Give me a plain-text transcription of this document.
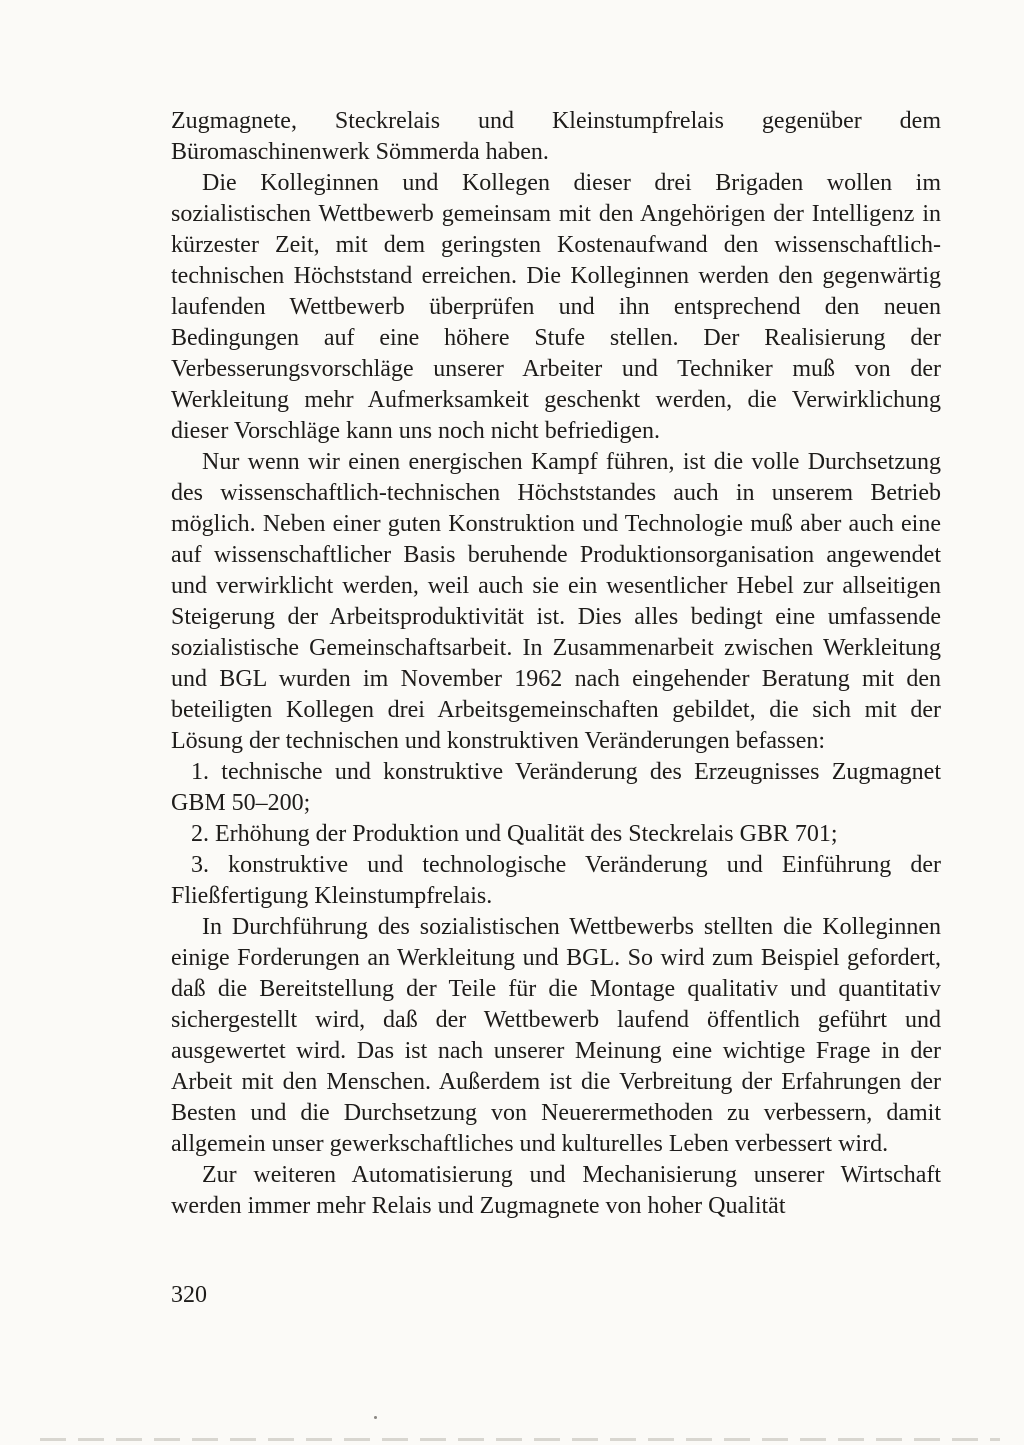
Zugmagnete, Steckrelais und Kleinstumpfrelais gegenüber dem Büromaschinenwerk Sömmerda haben.

Die Kolleginnen und Kollegen dieser drei Brigaden wollen im sozialistischen Wettbewerb gemeinsam mit den Angehörigen der Intelligenz in kürzester Zeit, mit dem geringsten Kostenaufwand den wissenschaftlich-technischen Höchststand erreichen. Die Kolleginnen werden den gegenwärtig laufenden Wettbewerb überprüfen und ihn entsprechend den neuen Bedingungen auf eine höhere Stufe stellen. Der Realisierung der Verbesserungsvorschläge unserer Arbeiter und Techniker muß von der Werkleitung mehr Aufmerksamkeit geschenkt werden, die Verwirklichung dieser Vorschläge kann uns noch nicht befriedigen.

Nur wenn wir einen energischen Kampf führen, ist die volle Durchsetzung des wissenschaftlich-technischen Höchststandes auch in unserem Betrieb möglich. Neben einer guten Konstruktion und Technologie muß aber auch eine auf wissenschaftlicher Basis beruhende Produktionsorganisation angewendet und verwirklicht werden, weil auch sie ein wesentlicher Hebel zur allseitigen Steigerung der Arbeitsproduktivität ist. Dies alles bedingt eine umfassende sozialistische Gemeinschaftsarbeit. In Zusammenarbeit zwischen Werkleitung und BGL wurden im November 1962 nach eingehender Beratung mit den beteiligten Kollegen drei Arbeitsgemeinschaften gebildet, die sich mit der Lösung der technischen und konstruktiven Veränderungen befassen:

1. technische und konstruktive Veränderung des Erzeugnisses Zugmagnet GBM 50–200;

2. Erhöhung der Produktion und Qualität des Steckrelais GBR 701;

3. konstruktive und technologische Veränderung und Einführung der Fließfertigung Kleinstumpfrelais.

In Durchführung des sozialistischen Wettbewerbs stellten die Kolleginnen einige Forderungen an Werkleitung und BGL. So wird zum Beispiel gefordert, daß die Bereitstellung der Teile für die Montage qualitativ und quantitativ sichergestellt wird, daß der Wettbewerb laufend öffentlich geführt und ausgewertet wird. Das ist nach unserer Meinung eine wichtige Frage in der Arbeit mit den Menschen. Außerdem ist die Verbreitung der Erfahrungen der Besten und die Durchsetzung von Neuerermethoden zu verbessern, damit allgemein unser gewerkschaftliches und kulturelles Leben verbessert wird.

Zur weiteren Automatisierung und Mechanisierung unserer Wirtschaft werden immer mehr Relais und Zugmagnete von hoher Qualität

320
